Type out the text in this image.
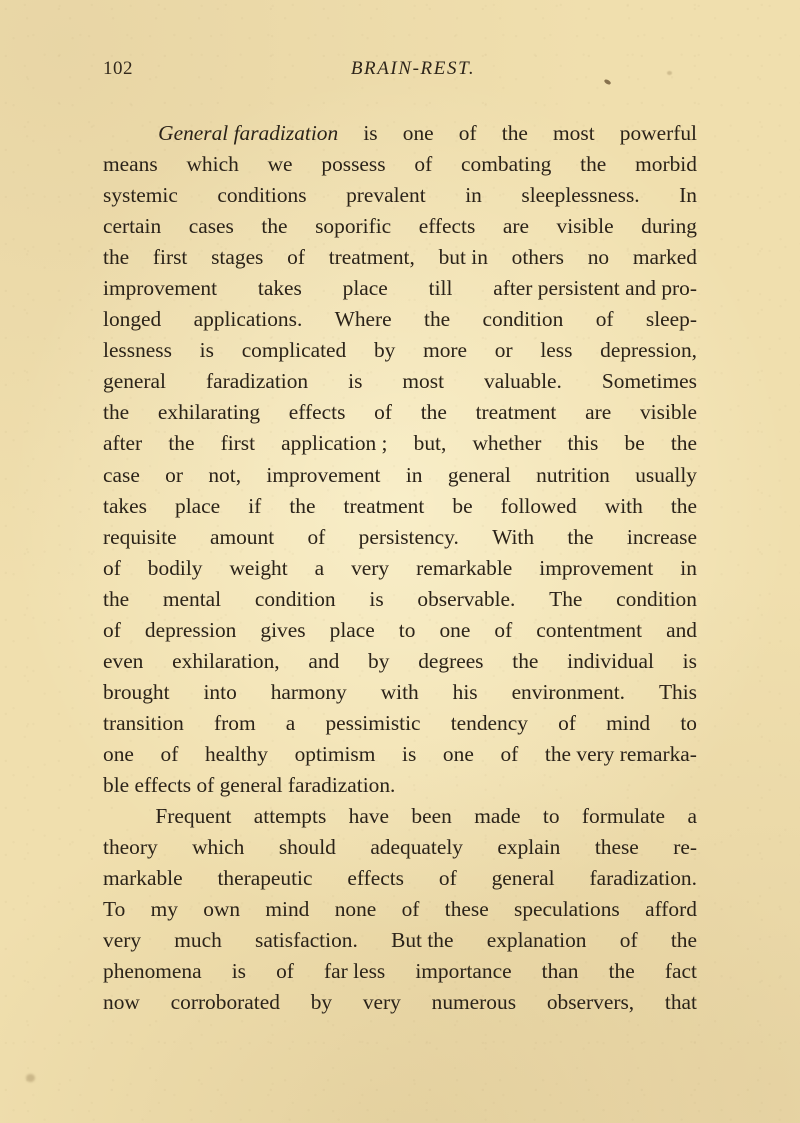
102	BRAIN-REST.
General faradization is one of the most powerful
means which we possess of combating the morbid
systemic conditions prevalent in sleeplessness. In
certain cases the soporific effects are visible during
the first stages of treatment, but in others no marked
improvement takes place till after persistent and pro-
longed applications. Where the condition of sleep-
lessness is complicated by more or less depression,
general faradization is most valuable. Sometimes
the exhilarating effects of the treatment are visible
after the first application ; but, whether this be the
case or not, improvement in general nutrition usually
takes place if the treatment be followed with the
requisite amount of persistency. With the increase
of bodily weight a very remarkable improvement in
the mental condition is observable. The condition
of depression gives place to one of contentment and
even exhilaration, and by degrees the individual is
brought into harmony with his environment. This
transition from a pessimistic tendency of mind to
one of healthy optimism is one of the very remarka-
ble effects of general faradization.
Frequent attempts have been made to formulate a
theory which should adequately explain these re-
markable therapeutic effects of general faradization.
To my own mind none of these speculations afford
very much satisfaction. But the explanation of the
phenomena is of far less importance than the fact
now corroborated by very numerous observers, that
